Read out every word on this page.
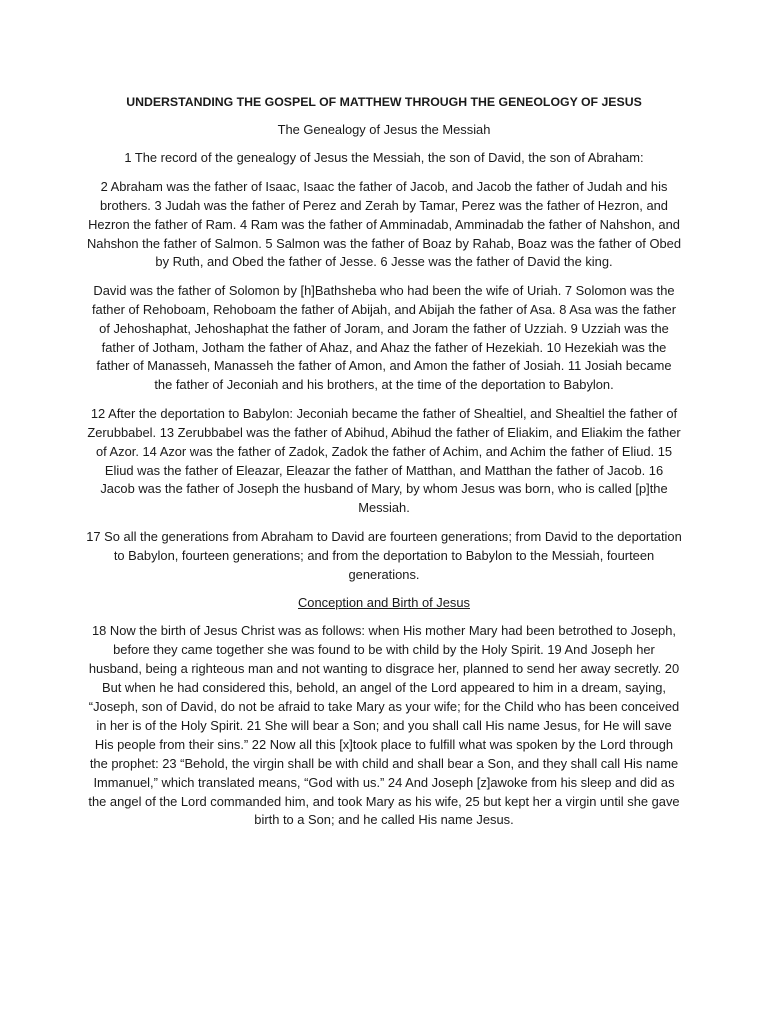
UNDERSTANDING THE GOSPEL OF MATTHEW THROUGH THE GENEOLOGY OF JESUS

The Genealogy of Jesus the Messiah

1 The record of the genealogy of Jesus the Messiah, the son of David, the son of Abraham:

2 Abraham was the father of Isaac, Isaac the father of Jacob, and Jacob the father of Judah and his brothers. 3 Judah was the father of Perez and Zerah by Tamar, Perez was the father of Hezron, and Hezron the father of Ram. 4 Ram was the father of Amminadab, Amminadab the father of Nahshon, and Nahshon the father of Salmon. 5 Salmon was the father of Boaz by Rahab, Boaz was the father of Obed by Ruth, and Obed the father of Jesse. 6 Jesse was the father of David the king.

David was the father of Solomon by [h]Bathsheba who had been the wife of Uriah. 7 Solomon was the father of Rehoboam, Rehoboam the father of Abijah, and Abijah the father of Asa. 8 Asa was the father of Jehoshaphat, Jehoshaphat the father of Joram, and Joram the father of Uzziah. 9 Uzziah was the father of Jotham, Jotham the father of Ahaz, and Ahaz the father of Hezekiah. 10 Hezekiah was the father of Manasseh, Manasseh the father of Amon, and Amon the father of Josiah. 11 Josiah became the father of Jeconiah and his brothers, at the time of the deportation to Babylon.

12 After the deportation to Babylon: Jeconiah became the father of Shealtiel, and Shealtiel the father of Zerubbabel. 13 Zerubbabel was the father of Abihud, Abihud the father of Eliakim, and Eliakim the father of Azor. 14 Azor was the father of Zadok, Zadok the father of Achim, and Achim the father of Eliud. 15 Eliud was the father of Eleazar, Eleazar the father of Matthan, and Matthan the father of Jacob. 16 Jacob was the father of Joseph the husband of Mary, by whom Jesus was born, who is called [p]the Messiah.

17 So all the generations from Abraham to David are fourteen generations; from David to the deportation to Babylon, fourteen generations; and from the deportation to Babylon to the Messiah, fourteen generations.

Conception and Birth of Jesus

18 Now the birth of Jesus Christ was as follows: when His mother Mary had been betrothed to Joseph, before they came together she was found to be with child by the Holy Spirit. 19 And Joseph her husband, being a righteous man and not wanting to disgrace her, planned to send her away secretly. 20 But when he had considered this, behold, an angel of the Lord appeared to him in a dream, saying, “Joseph, son of David, do not be afraid to take Mary as your wife; for the Child who has been conceived in her is of the Holy Spirit. 21 She will bear a Son; and you shall call His name Jesus, for He will save His people from their sins.” 22 Now all this [x]took place to fulfill what was spoken by the Lord through the prophet: 23 “Behold, the virgin shall be with child and shall bear a Son, and they shall call His name Immanuel,” which translated means, “God with us.” 24 And Joseph [z]awoke from his sleep and did as the angel of the Lord commanded him, and took Mary as his wife, 25 but kept her a virgin until she gave birth to a Son; and he called His name Jesus.
